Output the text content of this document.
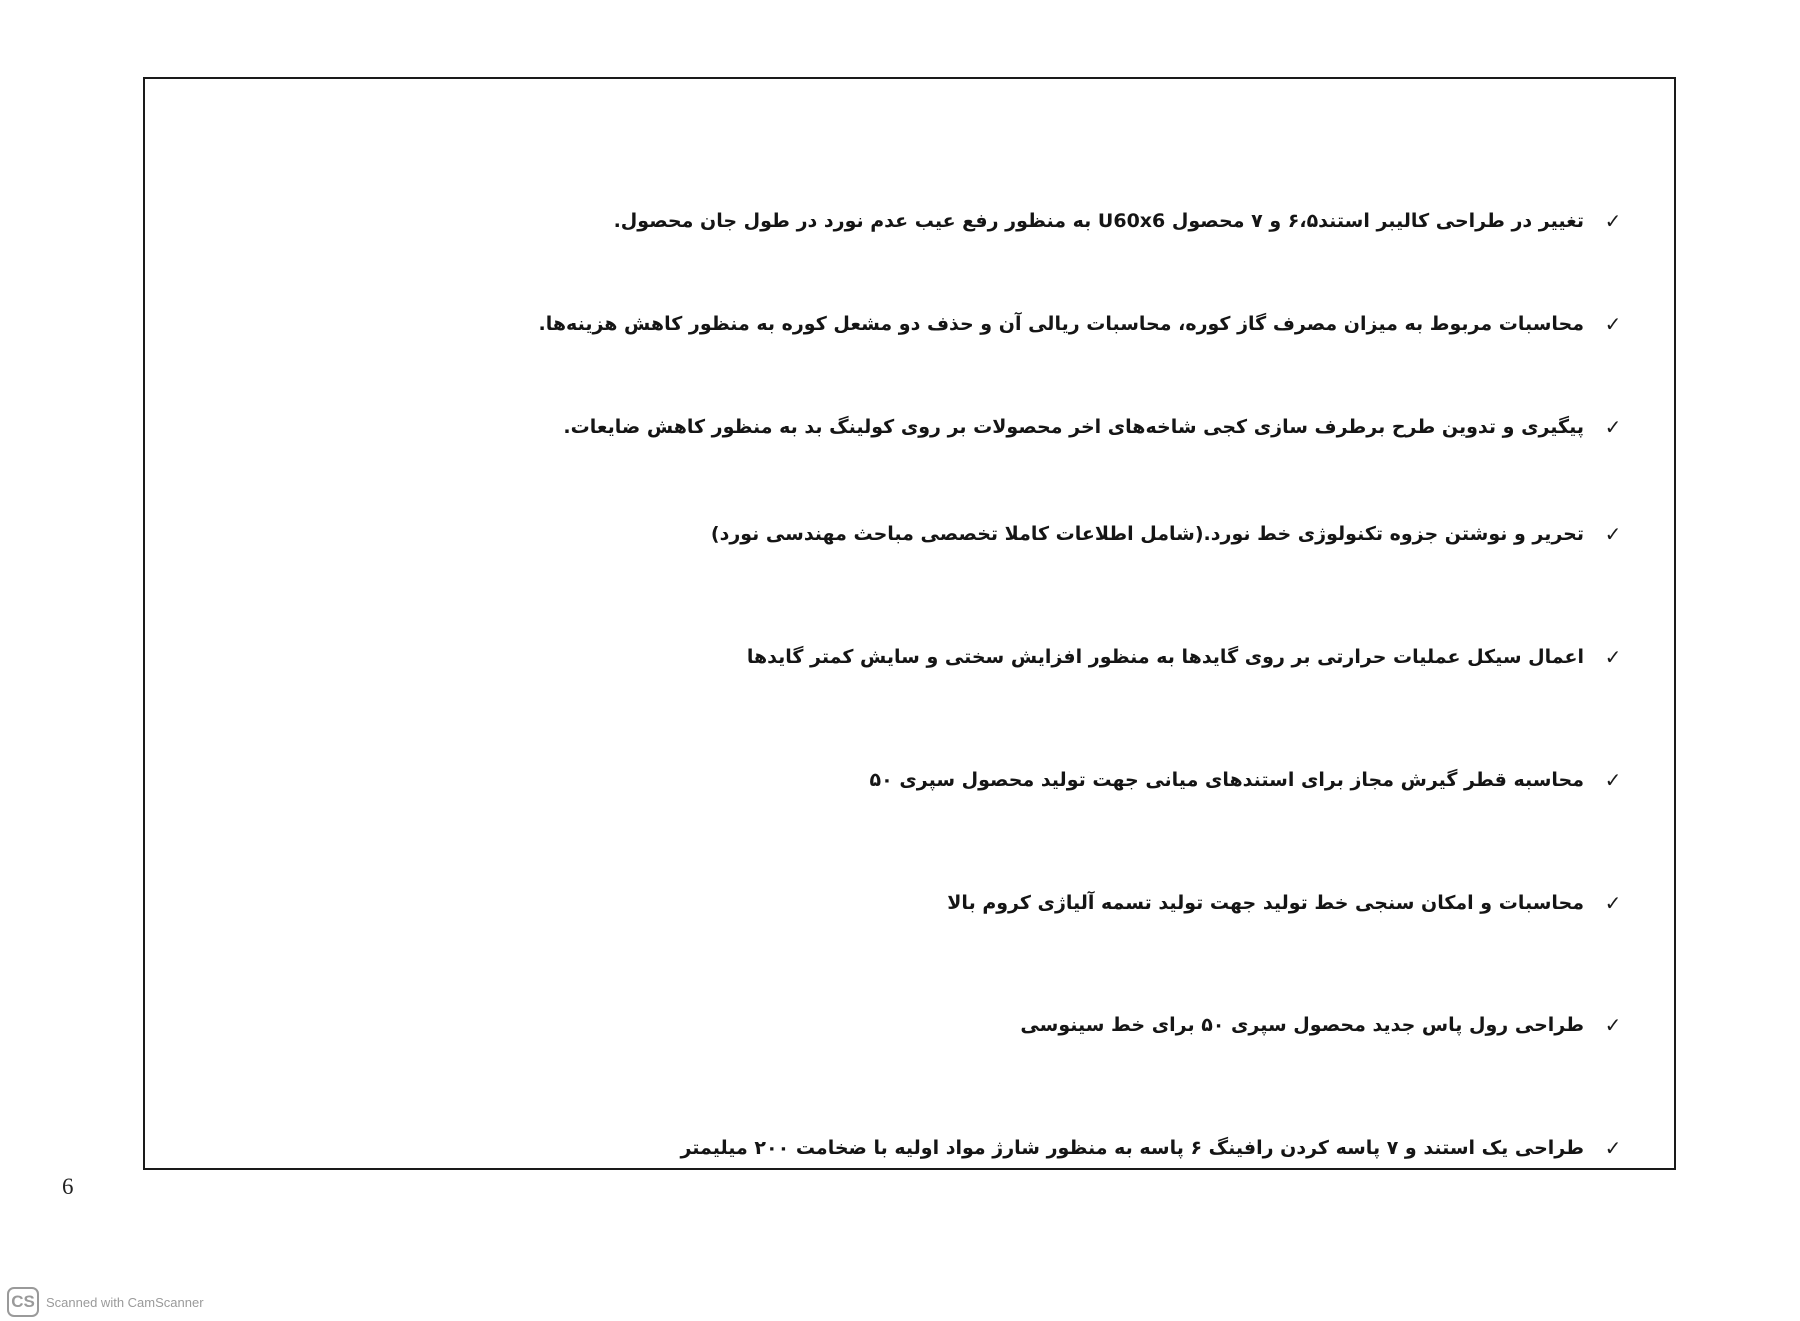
تغییر در طراحی کالیبر استند۶،۵ و ۷ محصول U60x6 به منظور رفع عیب عدم نورد در طول جان محصول. ✓
محاسبات مربوط به میزان مصرف گاز کوره، محاسبات ریالی آن و حذف دو مشعل کوره به منظور کاهش هزینه‌ها. ✓
پیگیری و تدوین طرح برطرف سازی کجی شاخه‌های اخر محصولات بر روی کولینگ بد به منظور کاهش ضایعات. ✓
تحریر و نوشتن جزوه تکنولوژی خط نورد.(شامل اطلاعات کاملا تخصصی مباحث مهندسی نورد) ✓
اعمال سیکل عملیات حرارتی بر روی گایدها به منظور افزایش سختی و سایش کمتر گایدها ✓
محاسبه قطر گیرش مجاز برای استندهای میانی جهت تولید محصول سپری ۵۰ ✓
محاسبات و امکان سنجی خط تولید جهت تولید تسمه آلیاژی کروم بالا ✓
طراحی رول پاس جدید محصول سپری ۵۰ برای خط سینوسی ✓
طراحی یک استند و ۷ پاسه کردن رافینگ ۶ پاسه به منظور شارژ مواد اولیه با ضخامت ۲۰۰ میلیمتر ✓
6
CS Scanned with CamScanner
